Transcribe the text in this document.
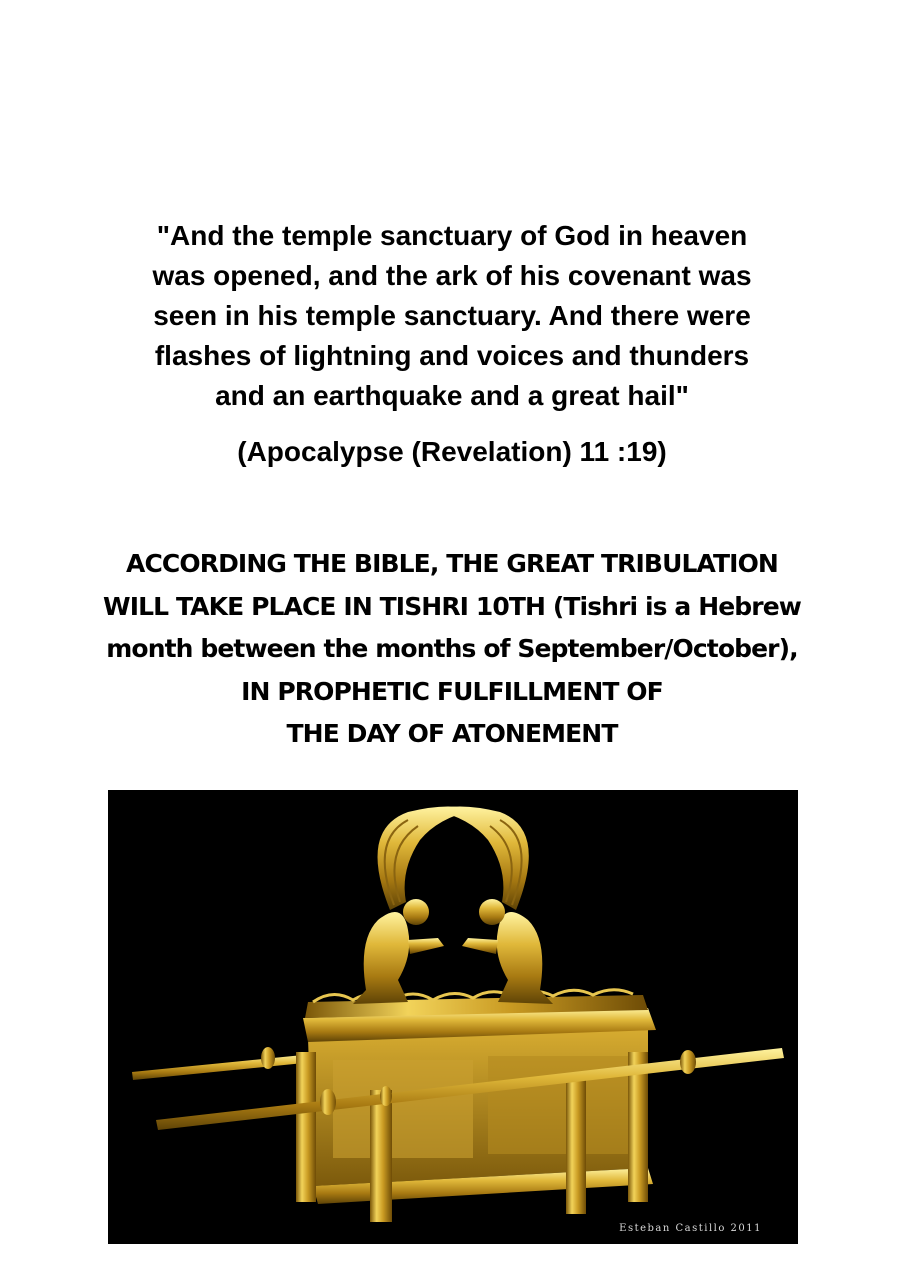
"And the temple sanctuary of God in heaven
was opened, and the ark of his covenant was
seen in his temple sanctuary. And there were
flashes of lightning and voices and thunders
and an earthquake and a great hail"
(Apocalypse (Revelation) 11 :19)
ACCORDING THE BIBLE, THE GREAT TRIBULATION
WILL TAKE PLACE IN TISHRI 10TH (Tishri is a Hebrew
month between the months of September/October),
IN PROPHETIC FULFILLMENT OF
THE DAY OF ATONEMENT
Esteban Castillo 2011
